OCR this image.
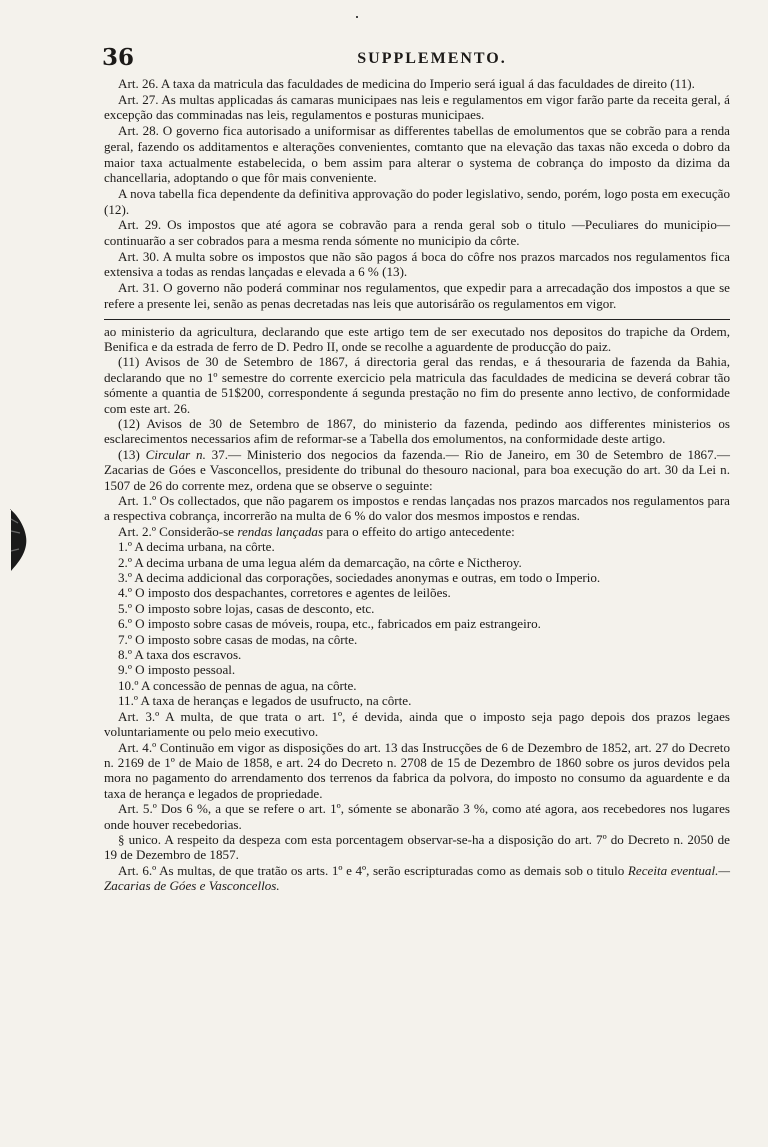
36	SUPPLEMENTO.

Art. 26. A taxa da matricula das faculdades de medicina do Imperio será igual á das faculdades de direito (11).

Art. 27. As multas applicadas ás camaras municipaes nas leis e regulamentos em vigor farão parte da receita geral, á excepção das comminadas nas leis, regulamentos e posturas municipaes.

Art. 28. O governo fica autorisado a uniformisar as differentes tabellas de emolumentos que se cobrão para a renda geral, fazendo os additamentos e alterações convenientes, comtanto que na elevação das taxas não exceda o dobro da maior taxa actualmente estabelecida, o bem assim para alterar o systema de cobrança do imposto da dizima da chancellaria, adoptando o que fôr mais conveniente.

A nova tabella fica dependente da definitiva approvação do poder legislativo, sendo, porém, logo posta em execução (12).

Art. 29. Os impostos que até agora se cobravão para a renda geral sob o titulo —Peculiares do municipio— continuarão a ser cobrados para a mesma renda sómente no municipio da côrte.

Art. 30. A multa sobre os impostos que não são pagos á boca do côfre nos prazos marcados nos regulamentos fica extensiva a todas as rendas lançadas e elevada a 6 % (13).

Art. 31. O governo não poderá comminar nos regulamentos, que expedir para a arrecadação dos impostos a que se refere a presente lei, senão as penas decretadas nas leis que autorisárão os regulamentos em vigor.

ao ministerio da agricultura, declarando que este artigo tem de ser executado nos depositos do trapiche da Ordem, Benifica e da estrada de ferro de D. Pedro II, onde se recolhe a aguardente de producção do paiz.

(11) Avisos de 30 de Setembro de 1867, á directoria geral das rendas, e á thesouraria de fazenda da Bahia, declarando que no 1º semestre do corrente exercicio pela matricula das faculdades de medicina se deverá cobrar tão sómente a quantia de 51$200, correspondente á segunda prestação no fim do presente anno lectivo, de conformidade com este art. 26.

(12) Avisos de 30 de Setembro de 1867, do ministerio da fazenda, pedindo aos differentes ministerios os esclarecimentos necessarios afim de reformar-se a Tabella dos emolumentos, na conformidade deste artigo.

(13) Circular n. 37.— Ministerio dos negocios da fazenda.— Rio de Janeiro, em 30 de Setembro de 1867.— Zacarias de Góes e Vasconcellos, presidente do tribunal do thesouro nacional, para boa execução do art. 30 da Lei n. 1507 de 26 do corrente mez, ordena que se observe o seguinte:

Art. 1.º Os collectados, que não pagarem os impostos e rendas lançadas nos prazos marcados nos regulamentos para a respectiva cobrança, incorrerão na multa de 6 % do valor dos mesmos impostos e rendas.

Art. 2.º Considerão-se rendas lançadas para o effeito do artigo antecedente:

1.º A decima urbana, na côrte.

2.º A decima urbana de uma legua além da demarcação, na côrte e Nictheroy.

3.º A decima addicional das corporações, sociedades anonymas e outras, em todo o Imperio.

4.º O imposto dos despachantes, corretores e agentes de leilões.

5.º O imposto sobre lojas, casas de desconto, etc.

6.º O imposto sobre casas de móveis, roupa, etc., fabricados em paiz estrangeiro.

7.º O imposto sobre casas de modas, na côrte.

8.º A taxa dos escravos.

9.º O imposto pessoal.

10.º A concessão de pennas de agua, na côrte.

11.º A taxa de heranças e legados de usufructo, na côrte.

Art. 3.º A multa, de que trata o art. 1º, é devida, ainda que o imposto seja pago depois dos prazos legaes voluntariamente ou pelo meio executivo.

Art. 4.º Continuão em vigor as disposições do art. 13 das Instrucções de 6 de Dezembro de 1852, art. 27 do Decreto n. 2169 de 1º de Maio de 1858, e art. 24 do Decreto n. 2708 de 15 de Dezembro de 1860 sobre os juros devidos pela mora no pagamento do arrendamento dos terrenos da fabrica da polvora, do imposto no consumo da aguardente e da taxa de herança e legados de propriedade.

Art. 5.º Dos 6 %, a que se refere o art. 1º, sómente se abonarão 3 %, como até agora, aos recebedores nos lugares onde houver recebedorias.

§ unico. A respeito da despeza com esta porcentagem observar-se-ha a disposição do art. 7º do Decreto n. 2050 de 19 de Dezembro de 1857.

Art. 6.º As multas, de que tratão os arts. 1º e 4º, serão escripturadas como as demais sob o titulo Receita eventual.— Zacarias de Góes e Vasconcellos.
